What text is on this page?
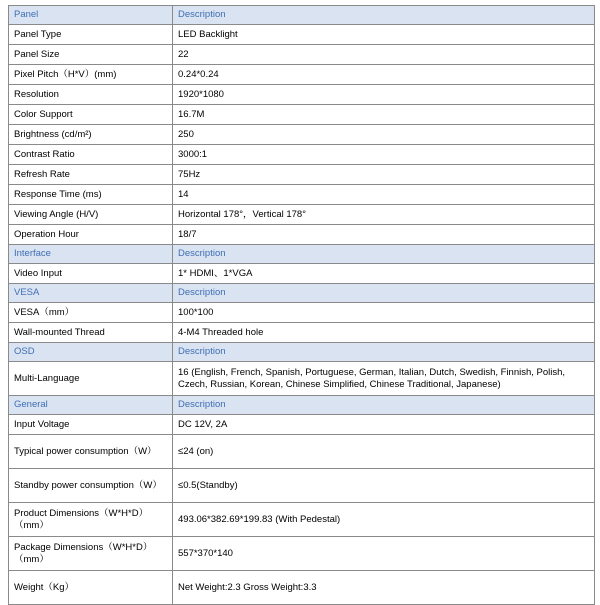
Panel	Description
Panel Type	LED Backlight
Panel Size	22
Pixel Pitch（H*V）(mm)	0.24*0.24
Resolution	1920*1080
Color Support	16.7M
Brightness (cd/m²)	250
Contrast Ratio	3000:1
Refresh Rate	75Hz
Response Time (ms)	14
Viewing Angle (H/V)	Horizontal 178°，Vertical 178°
Operation Hour	18/7
Interface	Description
Video Input	1* HDMI、1*VGA
VESA	Description
VESA（mm）	100*100
Wall-mounted Thread	4-M4 Threaded hole
OSD	Description
Multi-Language	16 (English, French, Spanish, Portuguese, German, Italian, Dutch, Swedish, Finnish, Polish, Czech, Russian, Korean, Chinese Simplified, Chinese Traditional, Japanese)
General	Description
Input Voltage	DC 12V, 2A
Typical power consumption（W）	≤24 (on)
Standby power consumption（W）	≤0.5(Standby)
Product Dimensions（W*H*D）（mm）	493.06*382.69*199.83 (With Pedestal)
Package Dimensions（W*H*D）（mm）	557*370*140
Weight（Kg）	Net Weight:2.3 Gross Weight:3.3
